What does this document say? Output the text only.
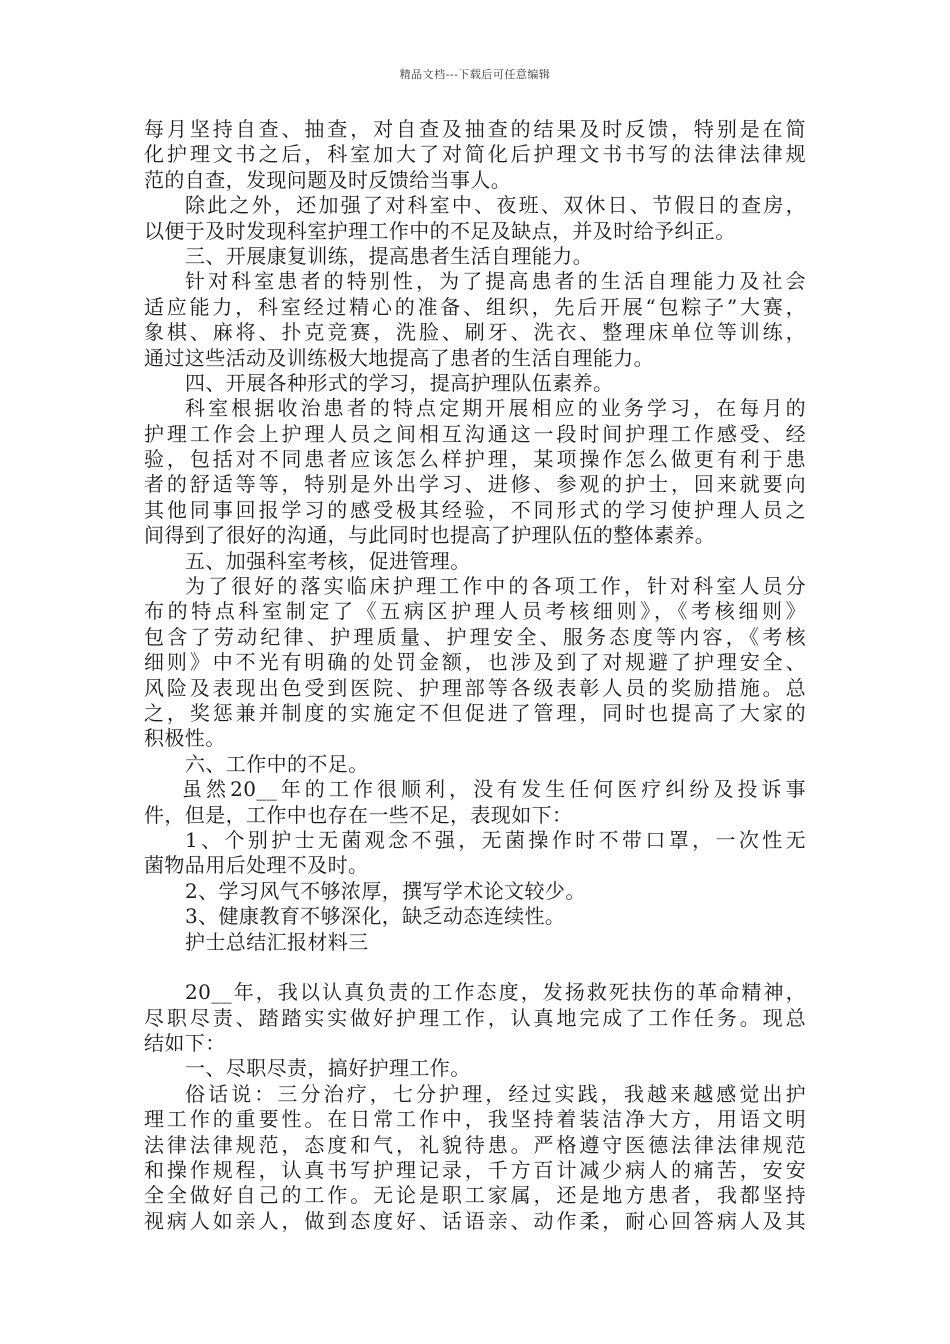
精品文档---下载后可任意编辑
每月坚持自查、抽查，对自查及抽查的结果及时反馈，特别是在简
化护理文书之后，科室加大了对简化后护理文书书写的法律法律规
范的自查，发现问题及时反馈给当事人。
除此之外，还加强了对科室中、夜班、双休日、节假日的查房，
以便于及时发现科室护理工作中的不足及缺点，并及时给予纠正。
三、开展康复训练，提高患者生活自理能力。
针对科室患者的特别性，为了提高患者的生活自理能力及社会
适应能力，科室经过精心的准备、组织，先后开展“包粽子”大赛，
象棋、麻将、扑克竞赛，洗脸、刷牙、洗衣、整理床单位等训练，
通过这些活动及训练极大地提高了患者的生活自理能力。
四、开展各种形式的学习，提高护理队伍素养。
科室根据收治患者的特点定期开展相应的业务学习，在每月的
护理工作会上护理人员之间相互沟通这一段时间护理工作感受、经
验，包括对不同患者应该怎么样护理，某项操作怎么做更有利于患
者的舒适等等，特别是外出学习、进修、参观的护士，回来就要向
其他同事回报学习的感受极其经验，不同形式的学习使护理人员之
间得到了很好的沟通，与此同时也提高了护理队伍的整体素养。
五、加强科室考核，促进管理。
为了很好的落实临床护理工作中的各项工作，针对科室人员分
布的特点科室制定了《五病区护理人员考核细则》，《考核细则》
包含了劳动纪律、护理质量、护理安全、服务态度等内容，《考核
细则》中不光有明确的处罚金额，也涉及到了对规避了护理安全、
风险及表现出色受到医院、护理部等各级表彰人员的奖励措施。总
之，奖惩兼并制度的实施定不但促进了管理，同时也提高了大家的
积极性。
六、工作中的不足。
虽然20__年的工作很顺利，没有发生任何医疗纠纷及投诉事
件，但是，工作中也存在一些不足，表现如下：
1、个别护士无菌观念不强，无菌操作时不带口罩，一次性无
菌物品用后处理不及时。
2、学习风气不够浓厚，撰写学术论文较少。
3、健康教育不够深化，缺乏动态连续性。
护士总结汇报材料三
20__年，我以认真负责的工作态度，发扬救死扶伤的革命精神，
尽职尽责、踏踏实实做好护理工作，认真地完成了工作任务。现总
结如下：
一、尽职尽责，搞好护理工作。
俗话说：三分治疗，七分护理，经过实践，我越来越感觉出护
理工作的重要性。在日常工作中，我坚持着装洁净大方，用语文明
法律法律规范，态度和气，礼貌待患。严格遵守医德法律法律规范
和操作规程，认真书写护理记录，千方百计减少病人的痛苦，安安
全全做好自己的工作。无论是职工家属，还是地方患者，我都坚持
视病人如亲人，做到态度好、话语亲、动作柔，耐心回答病人及其
